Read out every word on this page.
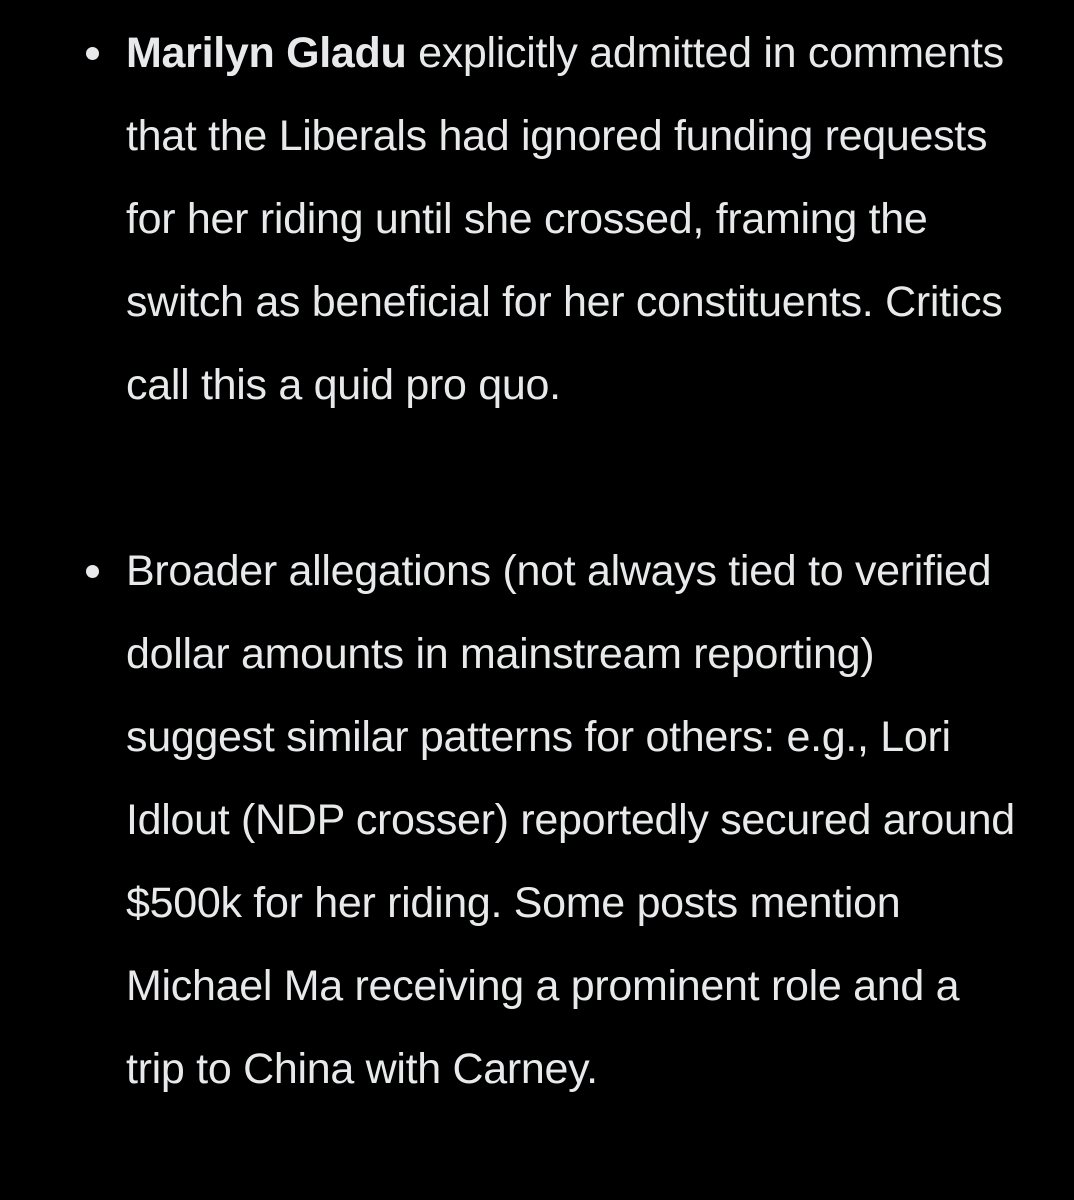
Marilyn Gladu explicitly admitted in comments that the Liberals had ignored funding requests for her riding until she crossed, framing the switch as beneficial for her constituents. Critics call this a quid pro quo.

Broader allegations (not always tied to verified dollar amounts in mainstream reporting) suggest similar patterns for others: e.g., Lori Idlout (NDP crosser) reportedly secured around $500k for her riding. Some posts mention Michael Ma receiving a prominent role and a trip to China with Carney.
